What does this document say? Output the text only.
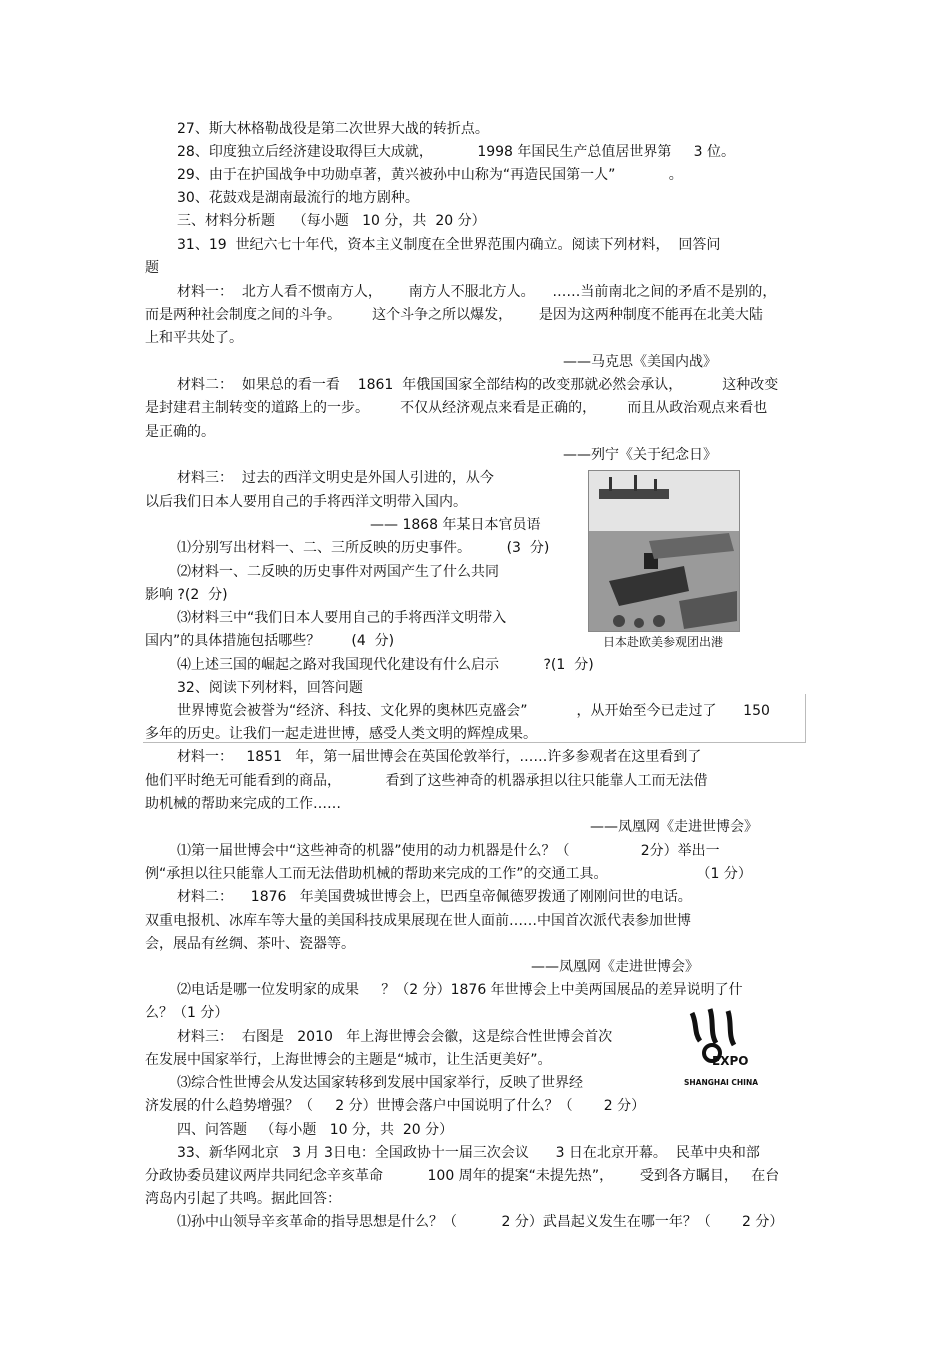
27、斯大林格勒战役是第二次世界大战的转折点。
28、印度独立后经济建设取得巨大成就，          1998 年国民生产总值居世界第     3 位。
29、由于在护国战争中功勋卓著，黄兴被孙中山称为“再造民国第一人”            。
30、花鼓戏是湖南最流行的地方剧种。
三、材料分析题    （每小题   10 分，共  20 分）
31、19  世纪六七十年代，资本主义制度在全世界范围内确立。阅读下列材料，  回答问
题
材料一：  北方人看不惯南方人，      南方人不服北方人。    ……当前南北之间的矛盾不是别的，
而是两种社会制度之间的斗争。       这个斗争之所以爆发，      是因为这两种制度不能再在北美大陆
上和平共处了。
——马克思《美国内战》
材料二：  如果总的看一看    1861  年俄国国家全部结构的改变那就必然会承认，         这种改变
是封建君主制转变的道路上的一步。       不仅从经济观点来看是正确的，       而且从政治观点来看也
是正确的。
——列宁《关于纪念日》
材料三：  过去的西洋文明史是外国人引进的，从今
以后我们日本人要用自己的手将西洋文明带入国内。
—— 1868 年某日本官员语
⑴分别写出材料一、二、三所反映的历史事件。        (3  分)
⑵材料一、二反映的历史事件对两国产生了什么共同
影响 ?(2  分)
⑶材料三中“我们日本人要用自己的手将西洋文明带入
国内”的具体措施包括哪些？       (4  分)
⑷上述三国的崛起之路对我国现代化建设有什么启示          ?(1  分)
32、阅读下列材料，回答问题
世界博览会被誉为“经济、科技、文化界的奥林匹克盛会”           ，从开始至今已走过了      150
多年的历史。让我们一起走进世博，感受人类文明的辉煌成果。
材料一：   1851   年，第一届世博会在英国伦敦举行，……许多参观者在这里看到了
他们平时绝无可能看到的商品，          看到了这些神奇的机器承担以往只能靠人工而无法借
助机械的帮助来完成的工作……
——凤凰网《走进世博会》
⑴第一届世博会中“这些神奇的机器”使用的动力机器是什么？（                2分）举出一
例“承担以往只能靠人工而无法借助机械的帮助来完成的工作”的交通工具。                    （1 分）
材料二：    1876   年美国费城世博会上，巴西皇帝佩德罗拨通了刚刚问世的电话。
双重电报机、冰库车等大量的美国科技成果展现在世人面前……中国首次派代表参加世博
会，展品有丝绸、茶叶、瓷器等。
——凤凰网《走进世博会》
⑵电话是哪一位发明家的成果     ？（2 分）1876 年世博会上中美两国展品的差异说明了什
么？（1 分）
材料三：  右图是   2010   年上海世博会会徽，这是综合性世博会首次
在发展中国家举行，上海世博会的主题是“城市，让生活更美好”。
⑶综合性世博会从发达国家转移到发展中国家举行，反映了世界经
济发展的什么趋势增强？（     2 分）世博会落户中国说明了什么？（       2 分）
四、问答题   （每小题   10 分，共  20 分）
33、新华网北京   3 月 3日电：全国政协十一届三次会议      3 日在北京开幕。  民革中央和部
分政协委员建议两岸共同纪念辛亥革命          100 周年的提案“未提先热”，      受到各方瞩目，   在台
湾岛内引起了共鸣。据此回答：
⑴孙中山领导辛亥革命的指导思想是什么？（          2 分）武昌起义发生在哪一年？（       2 分）
日本赴欧美参观团出港
EXPO
SHANGHAI CHINA
